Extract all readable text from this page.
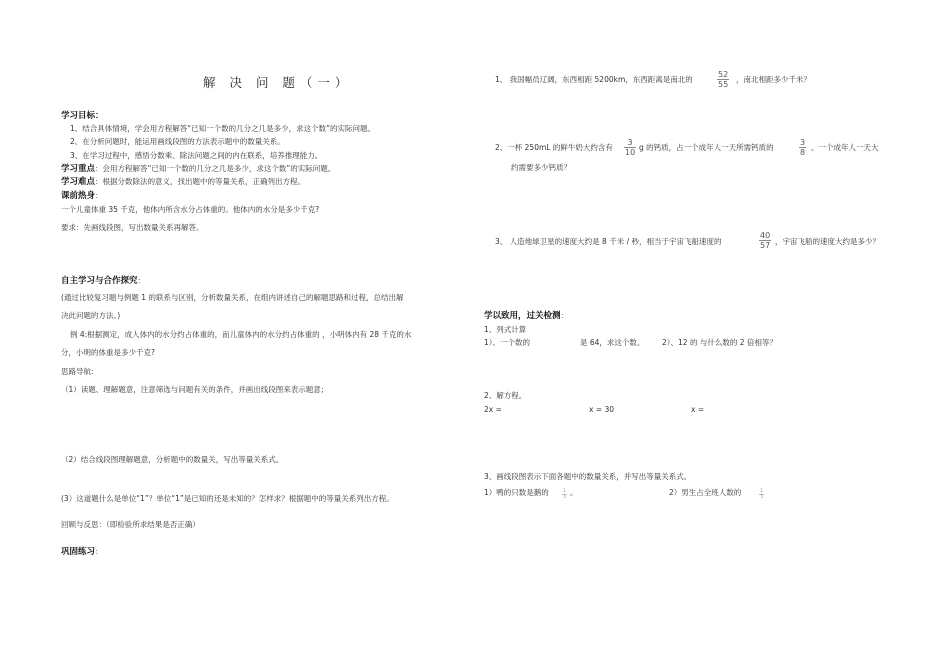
解 决 问 题（一）
学习目标：
1、结合具体情境，学会用方程解答“已知一个数的几分之几是多少，求这个数”的实际问题。
2、在分析问题时，能运用画线段图的方法表示题中的数量关系。
3、在学习过程中，感悟分数乘、除法问题之间的内在联系，培养推理能力。
学习重点：会用方程解答“已知一个数的几分之几是多少，求这个数”的实际问题。
学习难点：根据分数除法的意义，找出题中的等量关系，正确列出方程。
课前热身：
一个儿童体重 35 千克，他体内所含水分占体重的。他体内的水分是多少千克?
要求：先画线段图，写出数量关系再解答。
自主学习与合作探究：
(通过比较复习题与例题 1 的联系与区别，分析数量关系，在组内讲述自己的解题思路和过程，总结出解
决此问题的方法。)
例 4:根据测定，成人体内的水分约占体重的，而儿童体内的水分约占体重的 ，小明体内有 28 千克的水
分，小明的体重是多少千克?
思路导航:
（1）读题、理解题意，注意筛选与问题有关的条件，并画出线段图来表示题意；
（2）结合线段图理解题意，分析题中的数量关，写出等量关系式。
(3）这道题什么是单位“1”？单位“1”是已知的还是未知的？怎样求？根据题中的等量关系列出方程。
回顾与反思：（即检验所求结果是否正确）
巩固练习：
1、 我国幅员辽阔，东西相距 5200km，东西距离是南北的	$\frac{52}{55}$ ，南北相距多少千米？
2、一杯 250mL 的鲜牛奶大约含有 $\frac{3}{10}$ g 的钙质，占一个成年人一天所需钙质的	$\frac{3}{8}$ 。一个成年人一天大
约需要多少钙质？
3、 人造地球卫星的速度大约是 8 千米 / 秒，相当于宇宙飞船速度的	$\frac{40}{57}$ ，宇宙飞船的速度大约是多少？
学以致用，过关检测：
1、列式计算
1）、一个数的	是 64，求这个数。 2）、12 的 与什么数的 2 倍相等？
2、解方程。
2x =	x = 30	x =
3、画线段图表示下面各题中的数量关系，并写出等量关系式。
1）鸭的只数是鹅的	$\frac{1}{3}$ 。	2）男生占全班人数的	$\frac{1}{3}$
